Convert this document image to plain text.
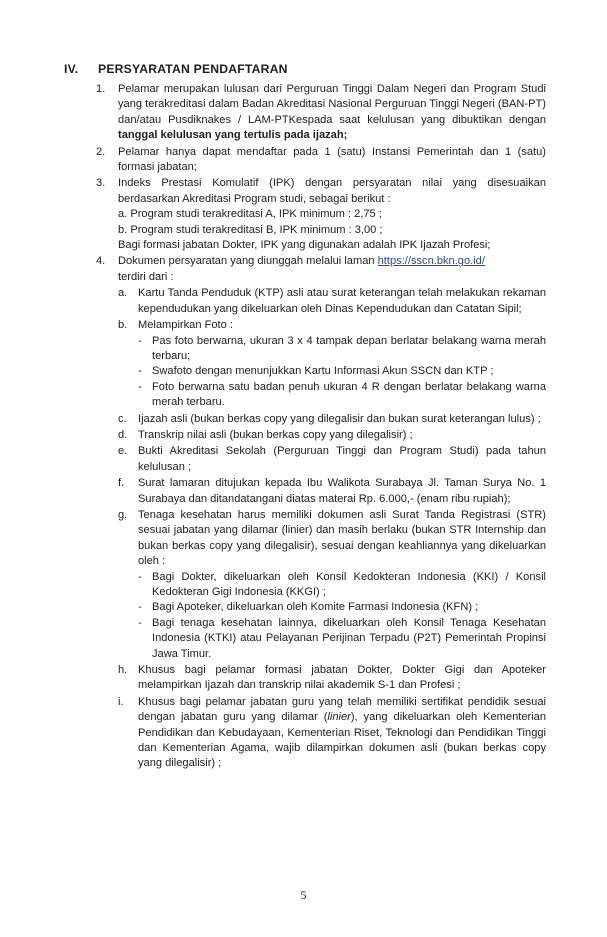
IV. PERSYARATAN PENDAFTARAN
1.	Pelamar merupakan lulusan dari Perguruan Tinggi Dalam Negeri dan Program Studi yang terakreditasi dalam Badan Akreditasi Nasional Perguruan Tinggi Negeri (BAN-PT) dan/atau Pusdiknakes / LAM-PTKespada saat kelulusan yang dibuktikan dengan tanggal kelulusan yang tertulis pada ijazah;
2.	Pelamar hanya dapat mendaftar pada 1 (satu) Instansi Pemerintah dan 1 (satu) formasi jabatan;
3.	Indeks Prestasi Komulatif (IPK) dengan persyaratan nilai yang disesuaikan berdasarkan Akreditasi Program studi, sebagai berikut :
a. Program studi terakreditasi A, IPK minimum : 2,75 ;
b. Program studi terakreditasi B, IPK minimum : 3,00 ;
Bagi formasi jabatan Dokter, IPK yang digunakan adalah IPK Ijazah Profesi;
4.	Dokumen persyaratan yang diunggah melalui laman https://sscn.bkn.go.id/
terdiri dari :
a. Kartu Tanda Penduduk (KTP) asli atau surat keterangan telah melakukan rekaman kependudukan yang dikeluarkan oleh Dinas Kependudukan dan Catatan Sipil;
b. Melampirkan Foto :
- Pas foto berwarna, ukuran 3 x 4 tampak depan berlatar belakang warna merah terbaru;
- Swafoto dengan menunjukkan Kartu Informasi Akun SSCN dan KTP ;
- Foto berwarna satu badan penuh ukuran 4 R dengan berlatar belakang warna merah terbaru.
c.	Ijazah asli (bukan berkas copy yang dilegalisir dan bukan surat keterangan lulus) ;
d. Transkrip nilai asli (bukan berkas copy yang dilegalisir) ;
e. Bukti Akreditasi Sekolah (Perguruan Tinggi dan Program Studi) pada tahun kelulusan ;
f.	Surat lamaran ditujukan kepada Ibu Walikota Surabaya Jl. Taman Surya No. 1 Surabaya dan ditandatangani diatas materai Rp. 6.000,- (enam ribu rupiah);
g. Tenaga kesehatan harus memiliki dokumen asli Surat Tanda Registrasi (STR) sesuai jabatan yang dilamar (linier) dan masih berlaku (bukan STR Internship dan bukan berkas copy yang dilegalisir), sesuai dengan keahliannya yang dikeluarkan oleh :
- Bagi Dokter, dikeluarkan oleh Konsil Kedokteran Indonesia (KKI) / Konsil Kedokteran Gigi Indonesia (KKGI) ;
- Bagi Apoteker, dikeluarkan oleh Komite Farmasi Indonesia (KFN) ;
- Bagi tenaga kesehatan lainnya, dikeluarkan oleh Konsil Tenaga Kesehatan Indonesia (KTKI) atau Pelayanan Perijinan Terpadu (P2T) Pemerintah Propinsi Jawa Timur.
h. Khusus bagi pelamar formasi jabatan Dokter, Dokter Gigi dan Apoteker melampirkan Ijazah dan transkrip nilai akademik S-1 dan Profesi ;
i.	Khusus bagi pelamar jabatan guru yang telah memiliki sertifikat pendidik sesuai dengan jabatan guru yang dilamar (linier), yang dikeluarkan oleh Kementerian Pendidikan dan Kebudayaan, Kementerian Riset, Teknologi dan Pendidikan Tinggi dan Kementerian Agama, wajib dilampirkan dokumen asli (bukan berkas copy yang dilegalisir) ;
5
